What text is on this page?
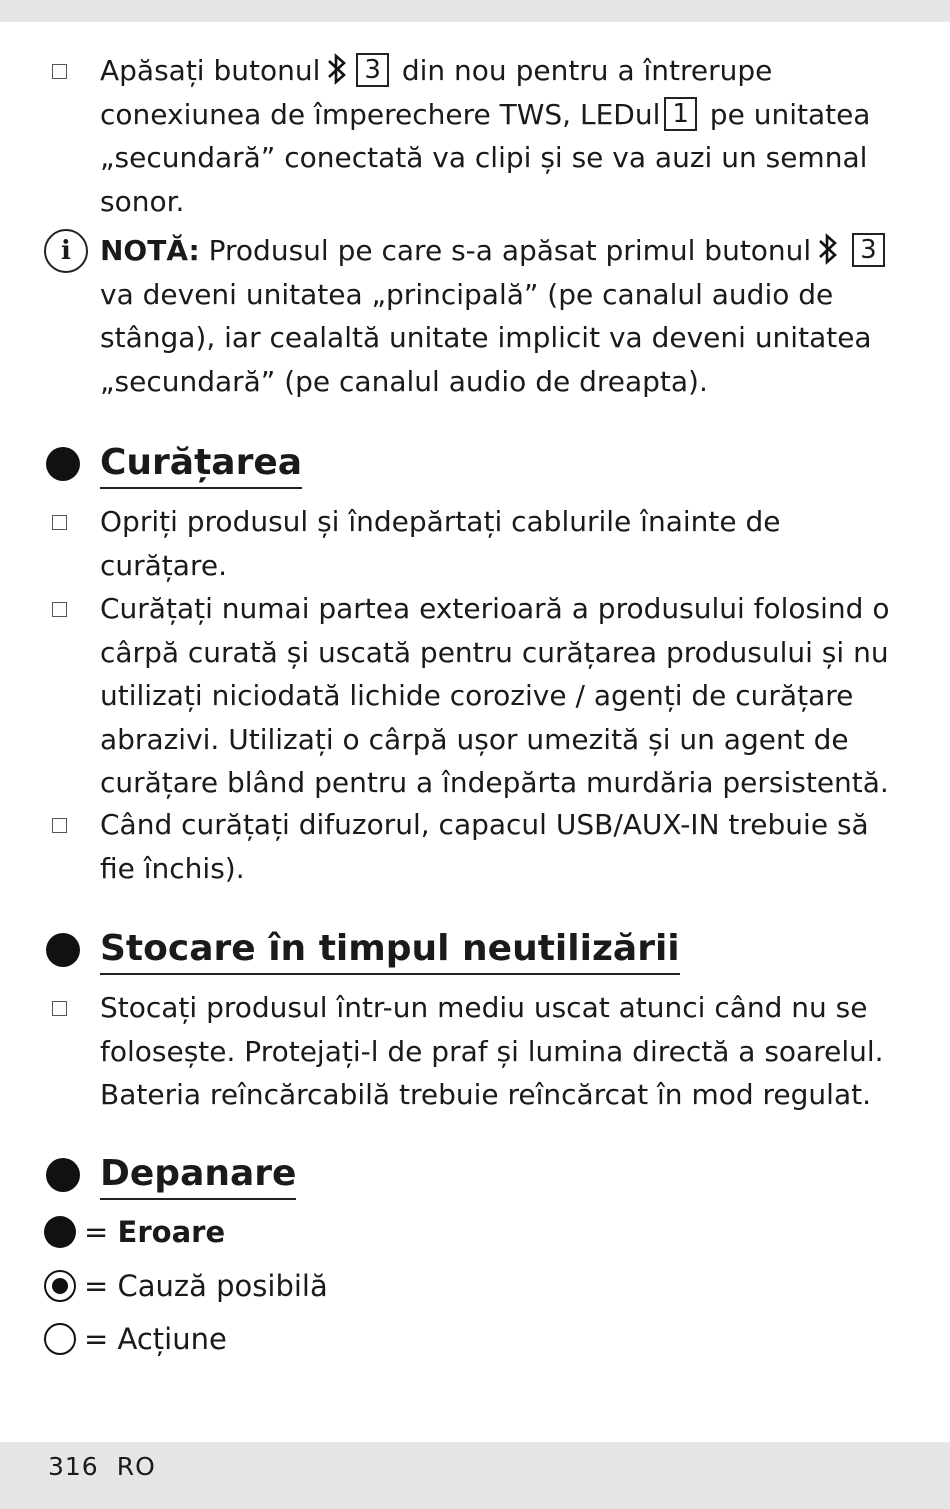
Apăsați butonul 3 din nou pentru a întrerupe conexiunea de împerechere TWS, LEDul 1 pe unitatea „secundară” conectată va clipi și se va auzi un semnal sonor.
i	NOTĂ: Produsul pe care s-a apăsat primul butonul 3 va deveni unitatea „principală” (pe canalul audio de stânga), iar cealaltă unitate implicit va deveni unitatea „secundară” (pe canalul audio de dreapta).
Curățarea
Opriți produsul și îndepărtați cablurile înainte de curățare.
Curățați numai partea exterioară a produsului folosind o cârpă curată și uscată pentru curățarea produsului și nu utilizați niciodată lichide corozive / agenți de curățare abrazivi. Utilizați o cârpă ușor umezită și un agent de curățare blând pentru a îndepărta murdăria persistentă.
Când curățați difuzorul, capacul USB/AUX-IN trebuie să fie închis).
Stocare în timpul neutilizării
Stocați produsul într-un mediu uscat atunci când nu se folosește. Protejați-l de praf și lumina directă a soarelul. Bateria reîncărcabilă trebuie reîncărcat în mod regulat.
Depanare
= Eroare
= Cauză posibilă
= Acțiune
316 RO
